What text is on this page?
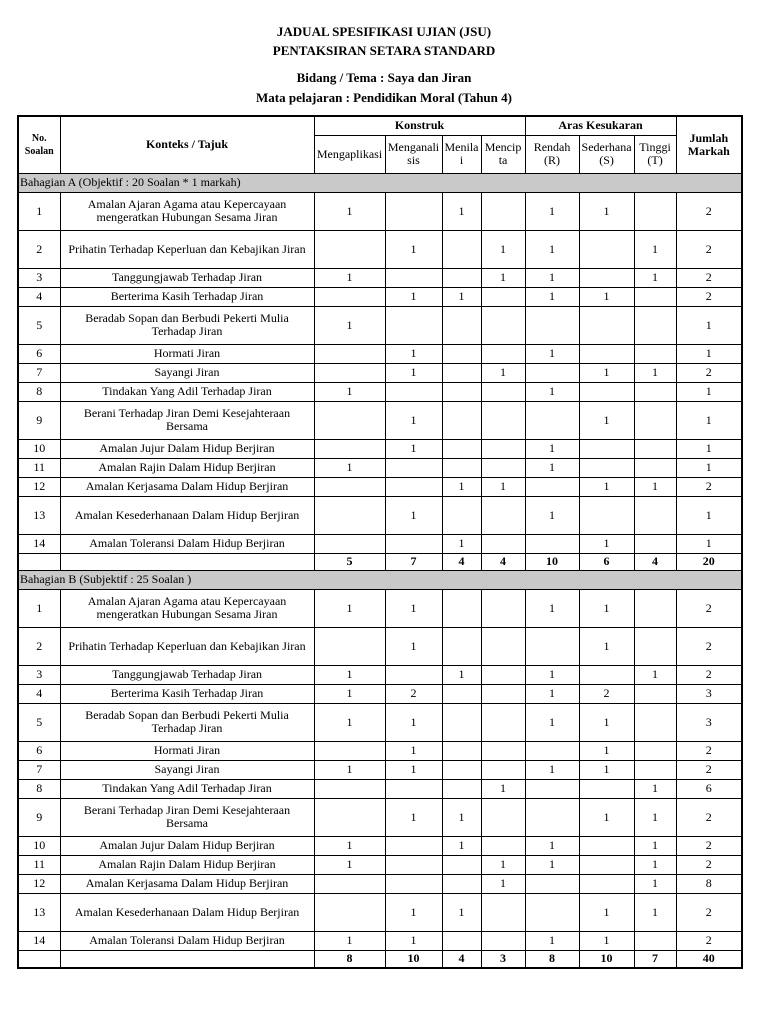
JADUAL SPESIFIKASI UJIAN (JSU)
PENTAKSIRAN SETARA STANDARD
Bidang / Tema : Saya dan Jiran
Mata pelajaran : Pendidikan Moral (Tahun 4)
No. Soalan	Konteks / Tajuk	Konstruk				Aras Kesukaran			Jumlah Markah
		Mengaplikasi	Menganalisis	Menilai	Mencipta	Rendah (R)	Sederhana (S)	Tinggi (T)	
Bahagian A (Objektif : 20 Soalan * 1 markah)									
1	Amalan Ajaran Agama atau Kepercayaan mengeratkan Hubungan Sesama Jiran	1		1		1	1		2
2	Prihatin Terhadap Keperluan dan Kebajikan Jiran		1		1	1		1	2
3	Tanggungjawab Terhadap Jiran	1			1	1		1	2
4	Berterima Kasih Terhadap Jiran		1	1		1	1		2
5	Beradab Sopan dan Berbudi Pekerti Mulia Terhadap Jiran	1							1
6	Hormati Jiran		1			1			1
7	Sayangi Jiran		1		1		1	1	2
8	Tindakan Yang Adil Terhadap Jiran	1				1			1
9	Berani Terhadap Jiran Demi Kesejahteraan Bersama		1				1		1
10	Amalan Jujur Dalam Hidup Berjiran		1			1			1
11	Amalan Rajin Dalam Hidup Berjiran	1				1			1
12	Amalan Kerjasama Dalam Hidup Berjiran			1	1		1	1	2
13	Amalan Kesederhanaan Dalam Hidup Berjiran		1			1			1
14	Amalan Toleransi Dalam Hidup Berjiran			1			1		1
		5	7	4	4	10	6	4	20
Bahagian B (Subjektif : 25 Soalan )									
1	Amalan Ajaran Agama atau Kepercayaan mengeratkan Hubungan Sesama Jiran	1	1			1	1		2
2	Prihatin Terhadap Keperluan dan Kebajikan Jiran		1				1		2
3	Tanggungjawab Terhadap Jiran	1		1		1		1	2
4	Berterima Kasih Terhadap Jiran	1	2			1	2		3
5	Beradab Sopan dan Berbudi Pekerti Mulia Terhadap Jiran	1	1			1	1		3
6	Hormati Jiran		1				1		2
7	Sayangi Jiran	1	1			1	1		2
8	Tindakan Yang Adil Terhadap Jiran				1			1	6
9	Berani Terhadap Jiran Demi Kesejahteraan Bersama		1	1			1	1	2
10	Amalan Jujur Dalam Hidup Berjiran	1		1		1		1	2
11	Amalan Rajin Dalam Hidup Berjiran	1			1	1		1	2
12	Amalan Kerjasama Dalam Hidup Berjiran				1			1	8
13	Amalan Kesederhanaan Dalam Hidup Berjiran		1	1			1	1	2
14	Amalan Toleransi Dalam Hidup Berjiran	1	1			1	1		2
		8	10	4	3	8	10	7	40
